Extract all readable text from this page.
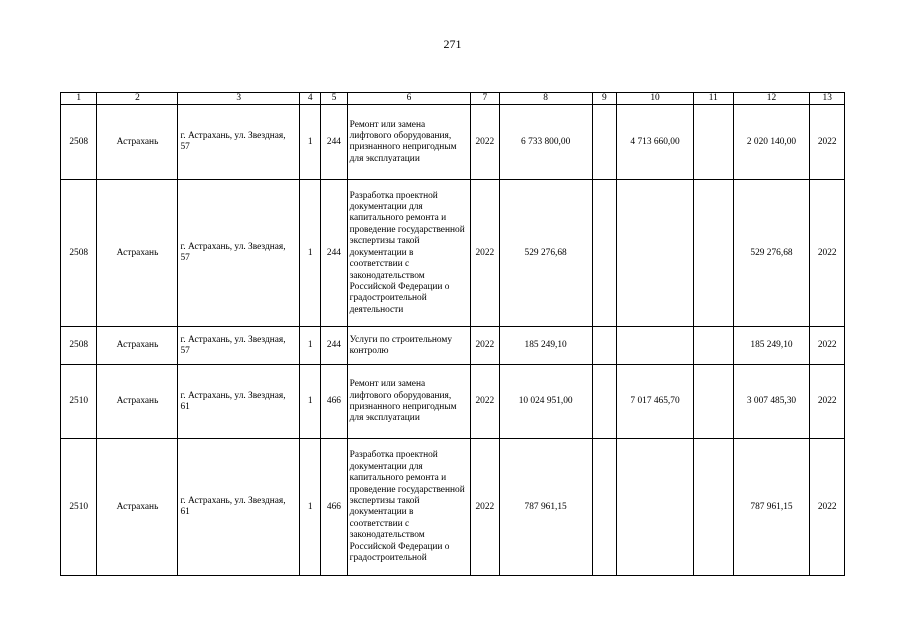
271
1	2	3	4	5	6	7	8	9	10	11	12	13
2508	Астрахань	г. Астрахань, ул. Звездная, 57	1	244	Ремонт или замена лифтового оборудования, признанного непригодным для эксплуатации	2022	6 733 800,00		4 713 660,00		2 020 140,00	2022
2508	Астрахань	г. Астрахань, ул. Звездная, 57	1	244	Разработка проектной документации для капитального ремонта и проведение государственной экспертизы такой документации в соответствии с законодательством Российской Федерации о градостроительной деятельности	2022	529 276,68				529 276,68	2022
2508	Астрахань	г. Астрахань, ул. Звездная, 57	1	244	Услуги по строительному контролю	2022	185 249,10				185 249,10	2022
2510	Астрахань	г. Астрахань, ул. Звездная, 61	1	466	Ремонт или замена лифтового оборудования, признанного непригодным для эксплуатации	2022	10 024 951,00		7 017 465,70		3 007 485,30	2022
2510	Астрахань	г. Астрахань, ул. Звездная, 61	1	466	Разработка проектной документации для капитального ремонта и проведение государственной экспертизы такой документации в соответствии с законодательством Российской Федерации о градостроительной	2022	787 961,15				787 961,15	2022
